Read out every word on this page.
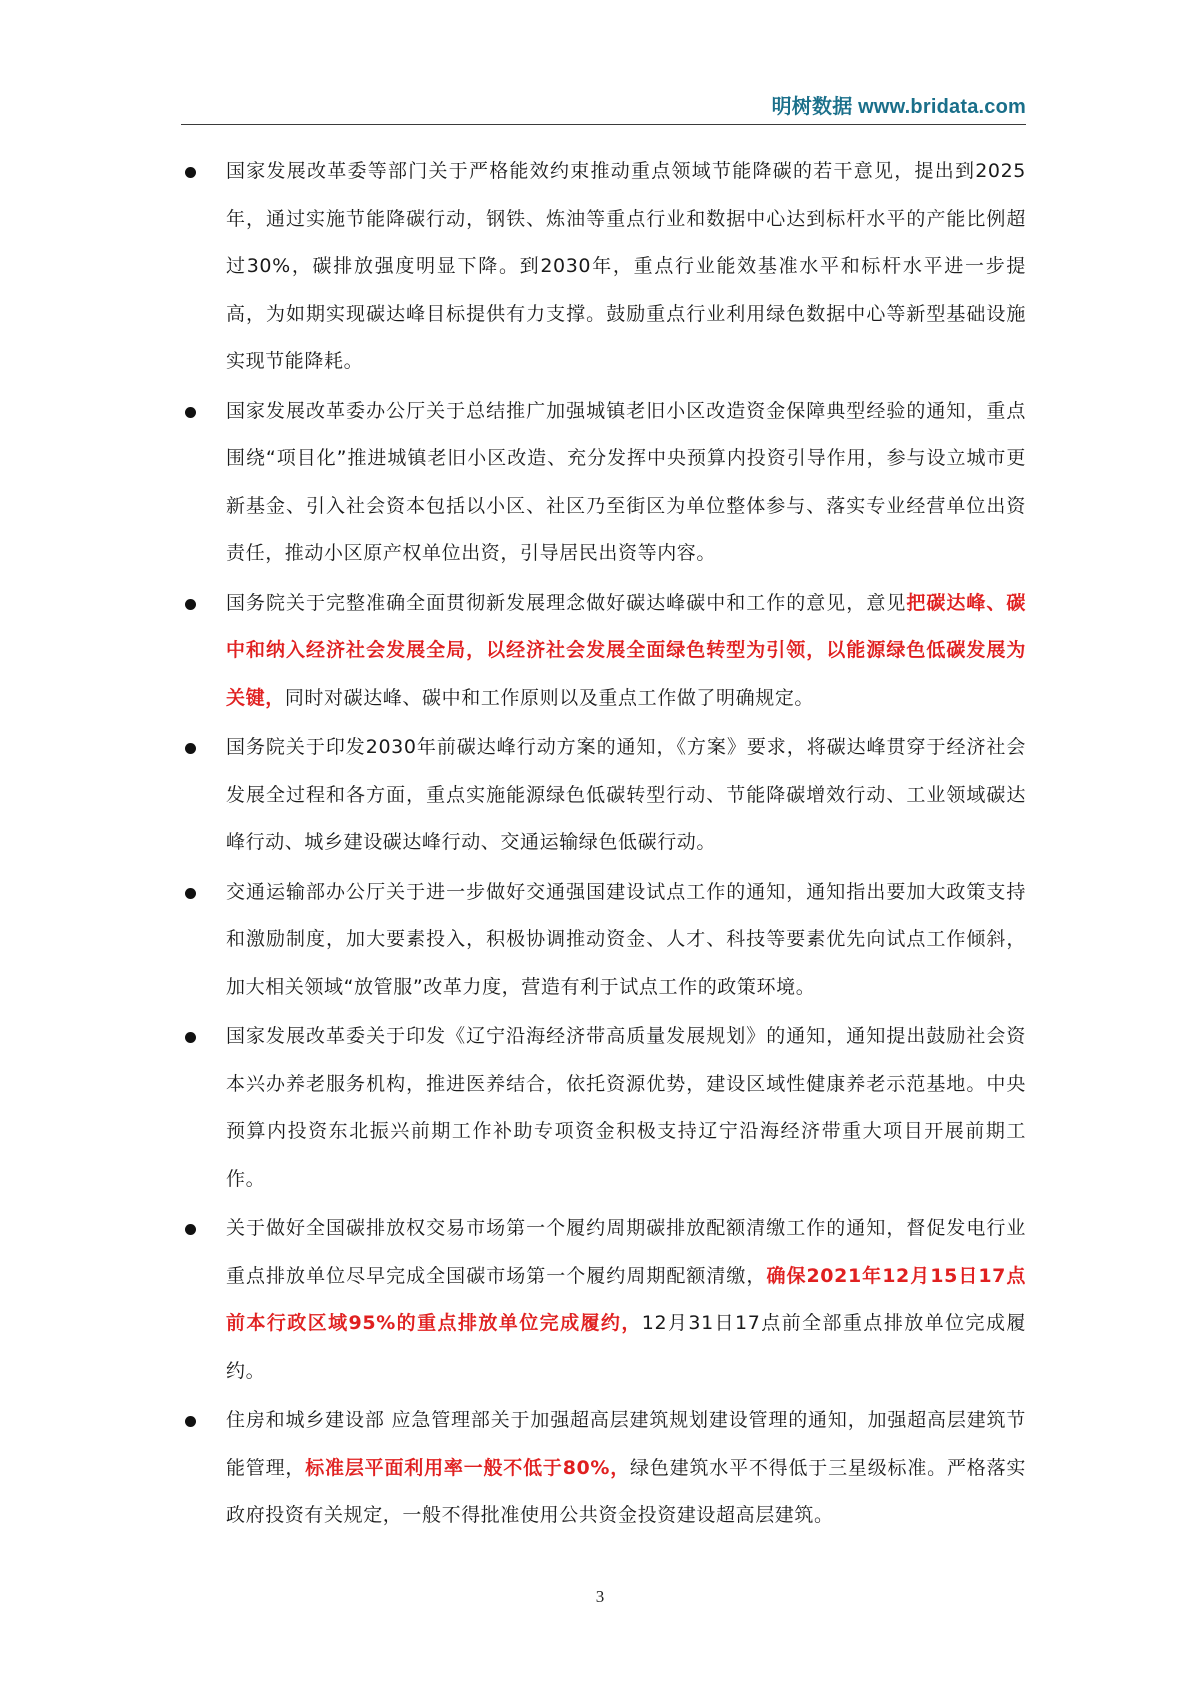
明树数据 www.bridata.com
国家发展改革委等部门关于严格能效约束推动重点领域节能降碳的若干意见，提出到2025年，通过实施节能降碳行动，钢铁、炼油等重点行业和数据中心达到标杆水平的产能比例超过30%，碳排放强度明显下降。到2030年，重点行业能效基准水平和标杆水平进一步提高，为如期实现碳达峰目标提供有力支撑。鼓励重点行业利用绿色数据中心等新型基础设施实现节能降耗。
国家发展改革委办公厅关于总结推广加强城镇老旧小区改造资金保障典型经验的通知，重点围绕“项目化”推进城镇老旧小区改造、充分发挥中央预算内投资引导作用，参与设立城市更新基金、引入社会资本包括以小区、社区乃至街区为单位整体参与、落实专业经营单位出资责任，推动小区原产权单位出资，引导居民出资等内容。
国务院关于完整准确全面贯彻新发展理念做好碳达峰碳中和工作的意见，意见把碳达峰、碳中和纳入经济社会发展全局，以经济社会发展全面绿色转型为引领，以能源绿色低碳发展为关键，同时对碳达峰、碳中和工作原则以及重点工作做了明确规定。
国务院关于印发2030年前碳达峰行动方案的通知，《方案》要求，将碳达峰贯穿于经济社会发展全过程和各方面，重点实施能源绿色低碳转型行动、节能降碳增效行动、工业领域碳达峰行动、城乡建设碳达峰行动、交通运输绿色低碳行动。
交通运输部办公厅关于进一步做好交通强国建设试点工作的通知，通知指出要加大政策支持和激励制度，加大要素投入，积极协调推动资金、人才、科技等要素优先向试点工作倾斜，加大相关领域“放管服”改革力度，营造有利于试点工作的政策环境。
国家发展改革委关于印发《辽宁沿海经济带高质量发展规划》的通知，通知提出鼓励社会资本兴办养老服务机构，推进医养结合，依托资源优势，建设区域性健康养老示范基地。中央预算内投资东北振兴前期工作补助专项资金积极支持辽宁沿海经济带重大项目开展前期工作。
关于做好全国碳排放权交易市场第一个履约周期碳排放配额清缴工作的通知，督促发电行业重点排放单位尽早完成全国碳市场第一个履约周期配额清缴，确保2021年12月15日17点前本行政区域95%的重点排放单位完成履约，12月31日17点前全部重点排放单位完成履约。
住房和城乡建设部 应急管理部关于加强超高层建筑规划建设管理的通知，加强超高层建筑节能管理，标准层平面利用率一般不低于80%，绿色建筑水平不得低于三星级标准。严格落实政府投资有关规定，一般不得批准使用公共资金投资建设超高层建筑。
3
